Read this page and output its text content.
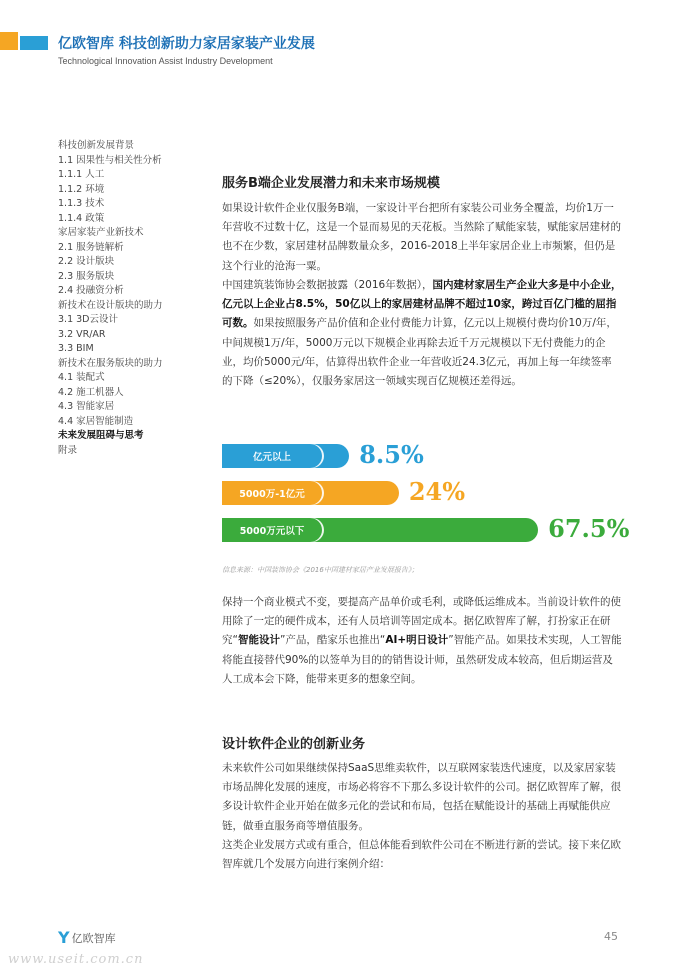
亿欧智库 科技创新助力家居家装产业发展
Technological Innovation Assist Industry Development
科技创新发展背景
1.1 因果性与相关性分析
1.1.1 人工
1.1.2 环境
1.1.3 技术
1.1.4 政策
家居家装产业新技术
2.1 服务链解析
2.2 设计版块
2.3 服务版块
2.4 投融资分析
新技术在设计版块的助力
3.1 3D云设计
3.2 VR/AR
3.3 BIM
新技术在服务版块的助力
4.1 装配式
4.2 施工机器人
4.3 智能家居
4.4 家居智能制造
未来发展阻碍与思考
附录
服务B端企业发展潜力和未来市场规模
如果设计软件企业仅服务B端，一家设计平台把所有家装公司业务全覆盖，均价1万一年营收不过数十亿，这是一个显而易见的天花板。当然除了赋能家装，赋能家居建材的也不在少数，家居建材品牌数量众多，2016-2018上半年家居企业上市频繁，但仍是这个行业的沧海一粟。
中国建筑装饰协会数据披露（2016年数据），国内建材家居生产企业大多是中小企业，亿元以上企业占8.5%，50亿以上的家居建材品牌不超过10家，跨过百亿门槛的屈指可数。如果按照服务产品价值和企业付费能力计算，亿元以上规模付费均价10万/年，中间规模1万/年，5000万元以下规模企业再除去近千万元规模以下无付费能力的企业，均价5000元/年，估算得出软件企业一年营收近24.3亿元，再加上每一年续签率的下降（≤20%），仅服务家居这一领域实现百亿规模还差得远。
亿元以上	8.5%
5000万-1亿元	24%
5000万元以下	67.5%
信息来源：中国装饰协会《2016中国建材家居产业发展报告》；
保持一个商业模式不变，要提高产品单价或毛利，或降低运维成本。当前设计软件的使用除了一定的硬件成本，还有人员培训等固定成本。据亿欧智库了解，打扮家正在研究“智能设计”产品，酷家乐也推出“AI+明日设计”智能产品。如果技术实现，人工智能将能直接替代90%的以签单为目的的销售设计师，虽然研发成本较高，但后期运营及人工成本会下降，能带来更多的想象空间。
设计软件企业的创新业务
未来软件公司如果继续保持SaaS思维卖软件，以互联网家装迭代速度，以及家居家装市场品牌化发展的速度，市场必将容不下那么多设计软件的公司。据亿欧智库了解，很多设计软件企业开始在做多元化的尝试和布局，包括在赋能设计的基础上再赋能供应链，做垂直服务商等增值服务。
这类企业发展方式或有重合，但总体能看到软件公司在不断进行新的尝试。接下来亿欧智库就几个发展方向进行案例介绍：
Y 亿欧智库	45
www.useit.com.cn
